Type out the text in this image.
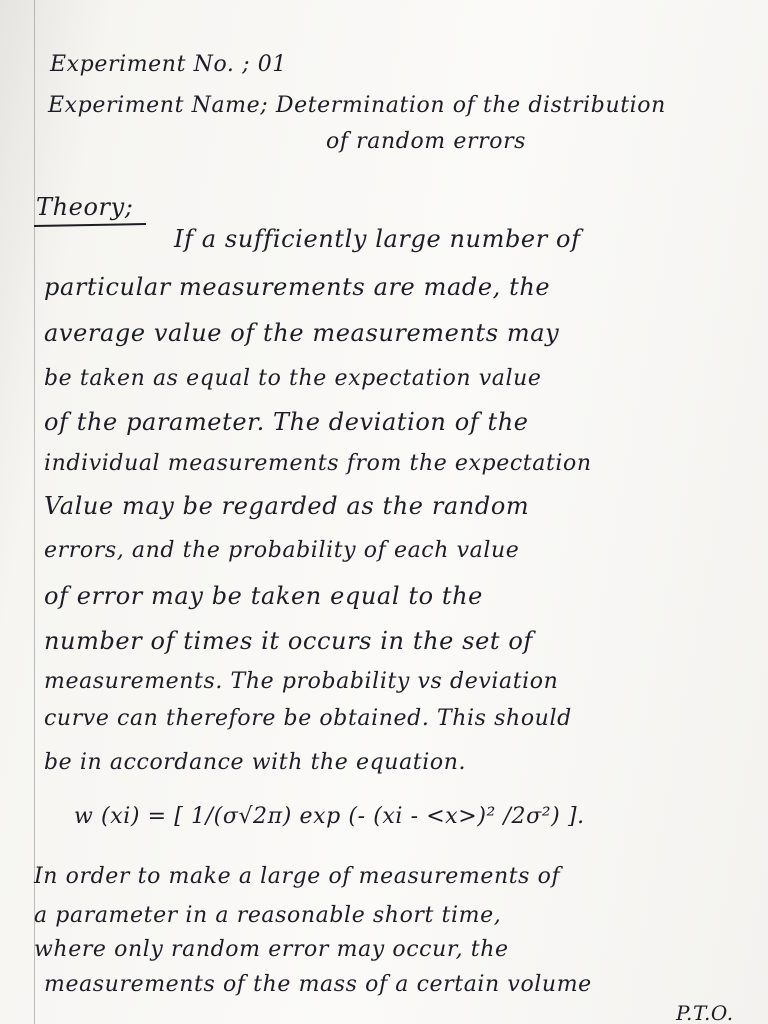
Experiment No. ; 01
Experiment Name; Determination of the distribution
of random errors
Theory;
If a sufficiently large number of
particular measurements are made, the
average value of the measurements may
be taken as equal to the expectation value
of the parameter. The deviation of the
individual measurements from the expectation
Value may be regarded as the random
errors, and the probability of each value
of error may be taken equal to the
number of times it occurs in the set of
measurements. The probability vs deviation
curve can therefore be obtained. This should
be in accordance with the equation.
w (xi) = [ 1/(σ√2π) exp (- (xi - <x>)² /2σ²) ].
In order to make a large of measurements of
a parameter in a reasonable short time,
where only random error may occur, the
measurements of the mass of a certain volume
P.T.O.
